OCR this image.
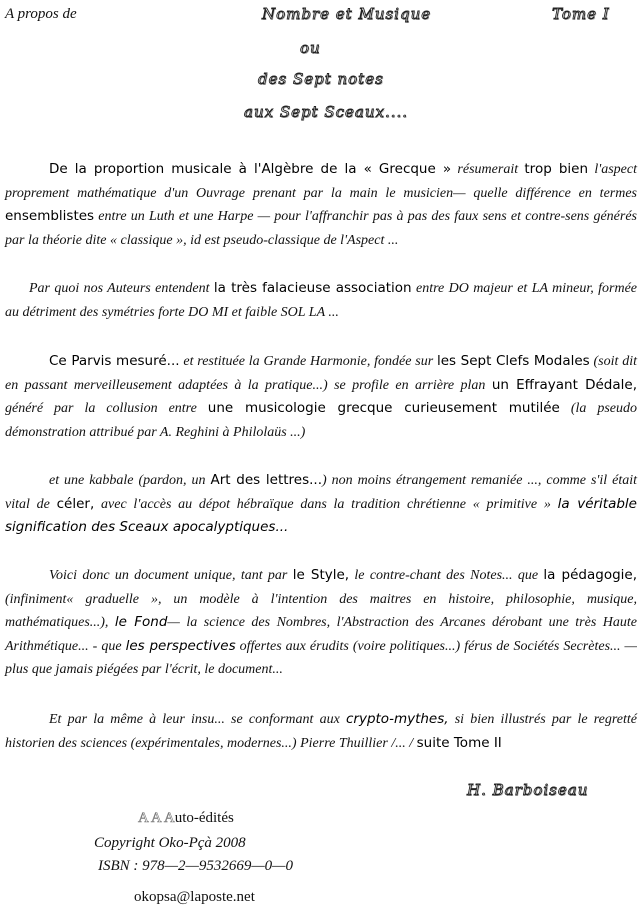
A propos de	Nombre et Musique	Tome I
ou
des Sept notes
aux Sept Sceaux....
De la proportion musicale à l'Algèbre de la « Grecque » résumerait trop bien l'aspect proprement mathématique d'un Ouvrage prenant par la main le musicien— quelle différence en termes ensemblistes entre un Luth et une Harpe — pour l'affranchir pas à pas des faux sens et contre-sens générés par la théorie dite « classique », id est pseudo-classique de l'Aspect ...
Par quoi nos Auteurs entendent la très falacieuse association entre DO majeur et LA mineur, formée au détriment des symétries forte DO MI et faible SOL LA ...
Ce Parvis mesuré... et restituée la Grande Harmonie, fondée sur les Sept Clefs Modales (soit dit en passant merveilleusement adaptées à la pratique...) se profile en arrière plan un Effrayant Dédale, généré par la collusion entre une musicologie grecque curieusement mutilée (la pseudo démonstration attribué par A. Reghini à Philolaüs ...)
et une kabbale (pardon, un Art des lettres...) non moins étrangement remaniée ..., comme s'il était vital de céler, avec l'accès au dépot hébraïque dans la tradition chrétienne « primitive » la véritable signification des Sceaux apocalyptiques...
Voici donc un document unique, tant par le Style, le contre-chant des Notes... que la pédagogie, (infiniment« graduelle », un modèle à l'intention des maitres en histoire, philosophie, musique, mathématiques...), le Fond— la science des Nombres, l'Abstraction des Arcanes dérobant une très Haute Arithmétique... - que les perspectives offertes aux érudits (voire politiques...) férus de Sociétés Secrètes... — plus que jamais piégées par l'écrit, le document...
Et par la même à leur insu... se conformant aux crypto-mythes, si bien illustrés par le regretté historien des sciences (expérimentales, modernes...) Pierre Thuillier /... / suite Tome II
H. Barboiseau
A A Auto-édités
Copyright Oko-Pçà 2008
ISBN : 978—2—9532669—0—0
okopsa@laposte.net
